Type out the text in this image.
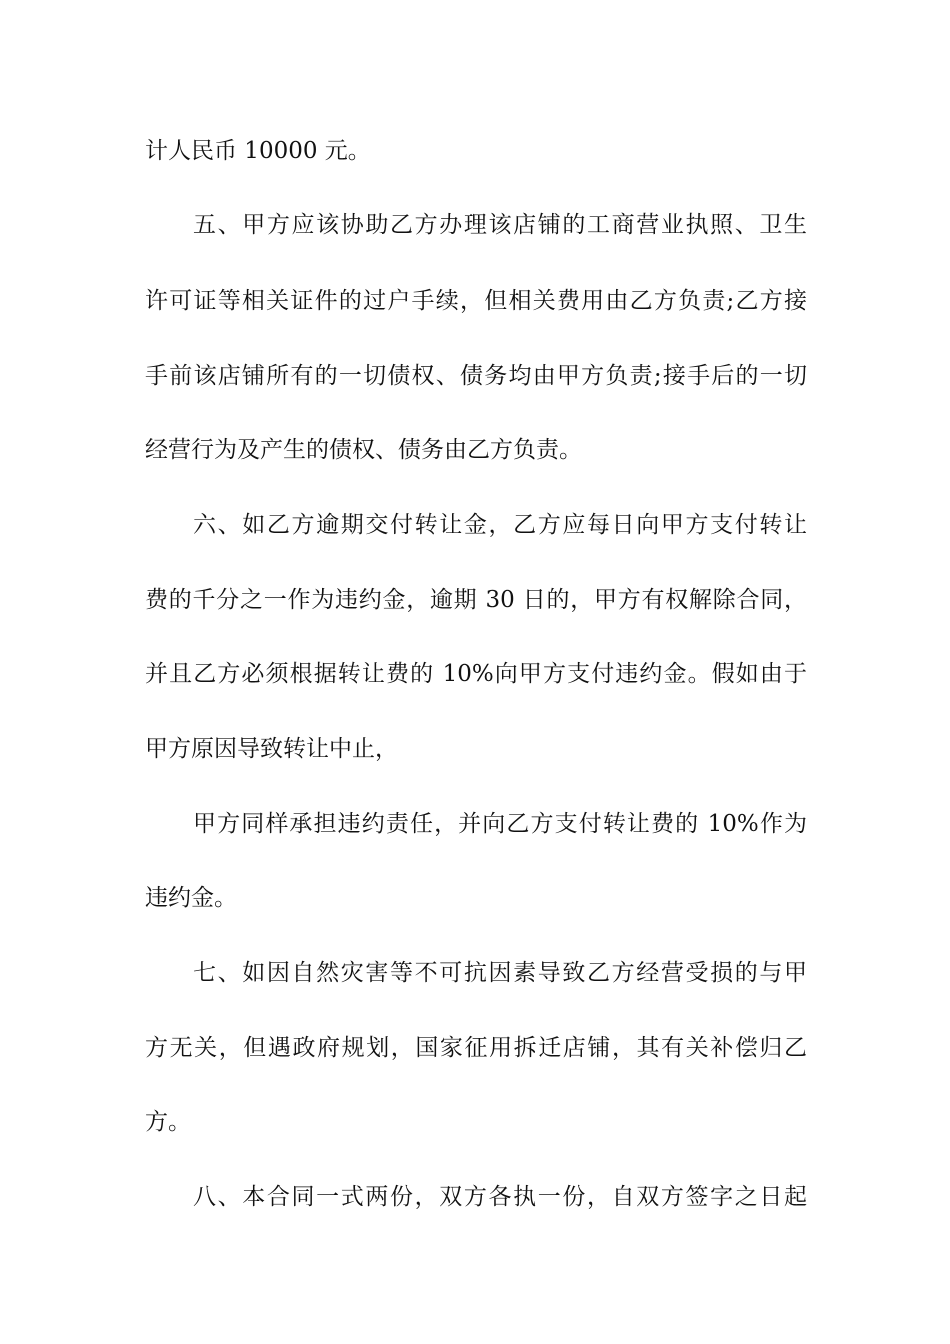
计人民币 10000 元。
五、甲方应该协助乙方办理该店铺的工商营业执照、卫生
许可证等相关证件的过户手续，但相关费用由乙方负责;乙方接
手前该店铺所有的一切债权、债务均由甲方负责;接手后的一切
经营行为及产生的债权、债务由乙方负责。
六、如乙方逾期交付转让金，乙方应每日向甲方支付转让
费的千分之一作为违约金，逾期 30 日的，甲方有权解除合同，
并且乙方必须根据转让费的 10%向甲方支付违约金。假如由于
甲方原因导致转让中止，
甲方同样承担违约责任，并向乙方支付转让费的 10%作为
违约金。
七、如因自然灾害等不可抗因素导致乙方经营受损的与甲
方无关，但遇政府规划，国家征用拆迁店铺，其有关补偿归乙
方。
八、本合同一式两份，双方各执一份，自双方签字之日起
